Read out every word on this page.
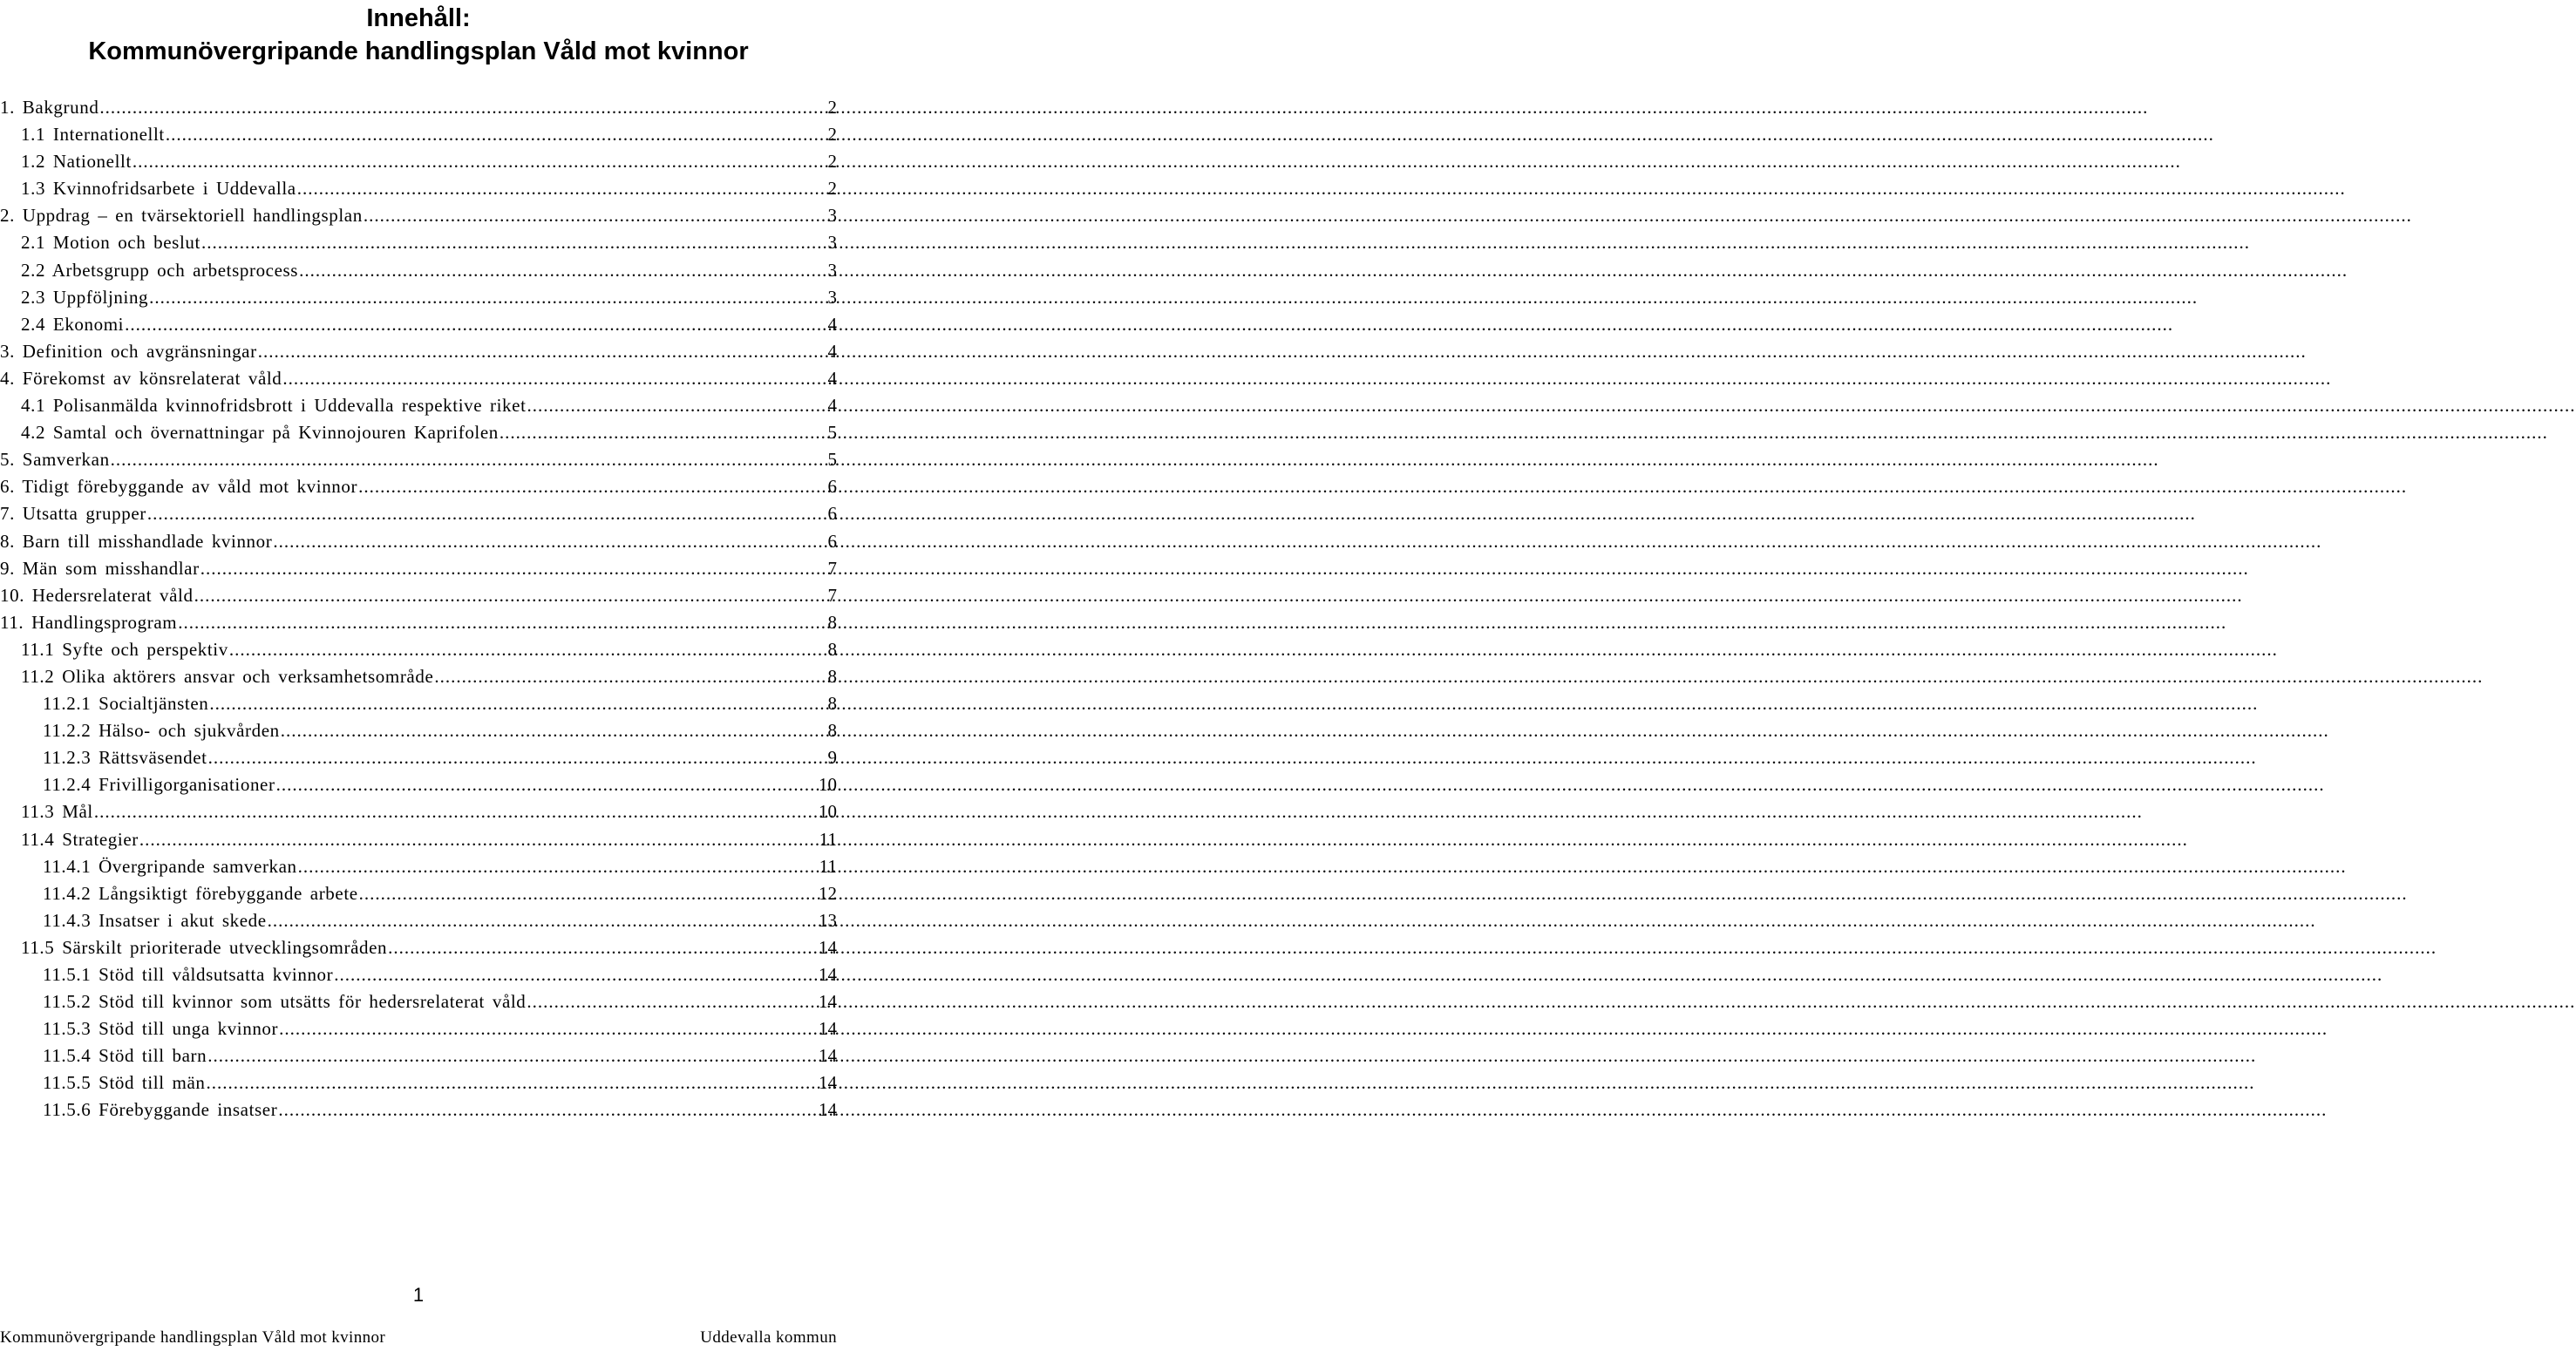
Innehåll:
Kommunövergripande handlingsplan Våld mot kvinnor
1. Bakgrund .....	2
1.1 Internationellt .....	2
1.2 Nationellt .....	2
1.3 Kvinnofridsarbete i Uddevalla .....	2
2. Uppdrag – en tvärsektoriell handlingsplan .....	3
2.1 Motion och beslut .....	3
2.2 Arbetsgrupp och arbetsprocess .....	3
2.3 Uppföljning .....	3
2.4 Ekonomi .....	4
3. Definition och avgränsningar .....	4
4. Förekomst av könsrelaterat våld .....	4
4.1 Polisanmälda kvinnofridsbrott i Uddevalla respektive riket .....	4
4.2 Samtal och övernattningar på Kvinnojouren Kaprifolen .....	5
5. Samverkan .....	5
6. Tidigt förebyggande av våld mot kvinnor .....	6
7. Utsatta grupper .....	6
8. Barn till misshandlade kvinnor .....	6
9. Män som misshandlar .....	7
10. Hedersrelaterat våld .....	7
11. Handlingsprogram .....	8
11.1 Syfte och perspektiv .....	8
11.2 Olika aktörers ansvar och verksamhetsområde .....	8
11.2.1 Socialtjänsten .....	8
11.2.2 Hälso- och sjukvården .....	8
11.2.3 Rättsväsendet .....	9
11.2.4 Frivilligorganisationer .....	10
11.3 Mål .....	10
11.4 Strategier .....	11
11.4.1 Övergripande samverkan .....	11
11.4.2 Långsiktigt förebyggande arbete .....	12
11.4.3 Insatser i akut skede .....	13
11.5 Särskilt prioriterade utvecklingsområden .....	14
11.5.1 Stöd till våldsutsatta kvinnor .....	14
11.5.2 Stöd till kvinnor som utsätts för hedersrelaterat våld .....	14
11.5.3 Stöd till unga kvinnor .....	14
11.5.4 Stöd till barn .....	14
11.5.5 Stöd till män .....	14
11.5.6 Förebyggande insatser .....	14
1
Kommunövergripande handlingsplan Våld mot kvinnor	Uddevalla kommun
